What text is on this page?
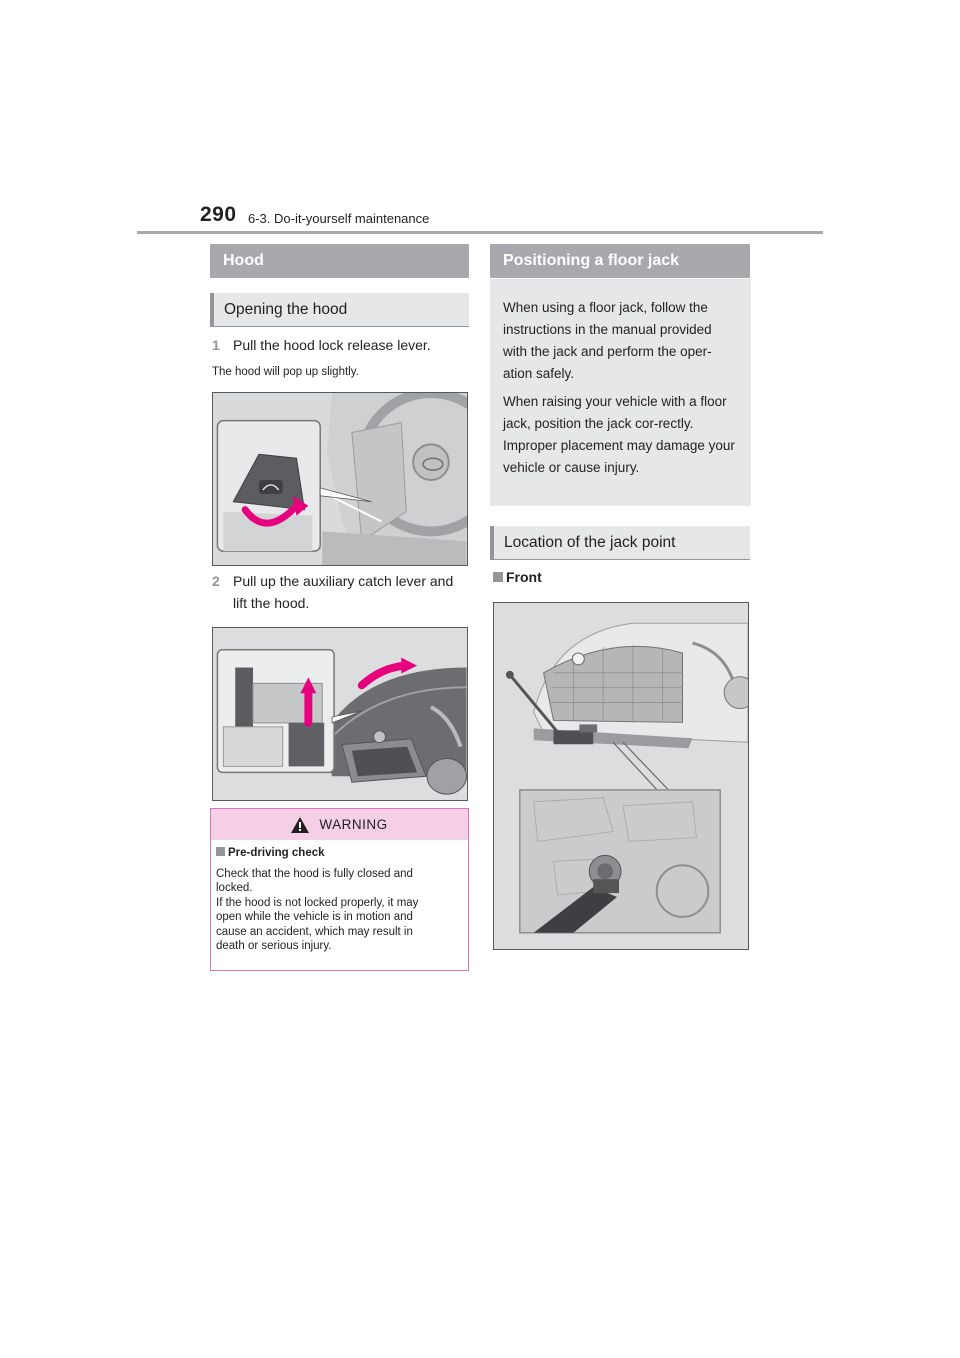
290 6-3. Do-it-yourself maintenance
Hood
Opening the hood
1 Pull the hood lock release lever.
The hood will pop up slightly.
2 Pull up the auxiliary catch lever and
lift the hood.
WARNING
Pre-driving check
Check that the hood is fully closed and
locked.
If the hood is not locked properly, it may
open while the vehicle is in motion and
cause an accident, which may result in
death or serious injury.
Positioning a floor jack

When using a floor jack, follow the instructions in the manual provided with the jack and perform the oper-ation safely.

When raising your vehicle with a floor jack, position the jack cor-rectly. Improper placement may damage your vehicle or cause injury.

Location of the jack point
Front
